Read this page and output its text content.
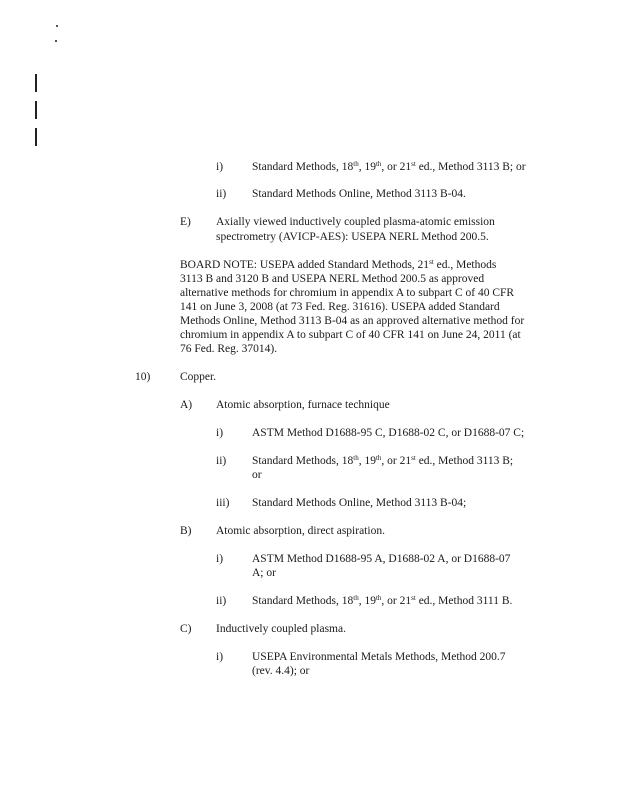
i)	Standard Methods, 18th, 19th, or 21st ed., Method 3113 B; or
ii) Standard Methods Online, Method 3113 B-04.
E) Axially viewed inductively coupled plasma-atomic emission
spectrometry (AVICP-AES): USEPA NERL Method 200.5.
BOARD NOTE: USEPA added Standard Methods, 21st ed., Methods
3113 B and 3120 B and USEPA NERL Method 200.5 as approved
alternative methods for chromium in appendix A to subpart C of 40 CFR
141 on June 3, 2008 (at 73 Fed. Reg. 31616). USEPA added Standard
Methods Online, Method 3113 B-04 as an approved alternative method for
chromium in appendix A to subpart C of 40 CFR 141 on June 24, 2011 (at
76 Fed. Reg. 37014).
10)	Copper.
A) Atomic absorption, furnace technique
i)	ASTM Method D1688-95 C, D1688-02 C, or D1688-07 C;
ii) Standard Methods, 18th, 19th, or 21st ed., Method 3113 B;
or
iii) Standard Methods Online, Method 3113 B-04;
B) Atomic absorption, direct aspiration.
i)	ASTM Method D1688-95 A, D1688-02 A, or D1688-07
A; or
ii) Standard Methods, 18th, 19th, or 21st ed., Method 3111 B.
C) Inductively coupled plasma.
i)	USEPA Environmental Metals Methods, Method 200.7
(rev. 4.4); or
